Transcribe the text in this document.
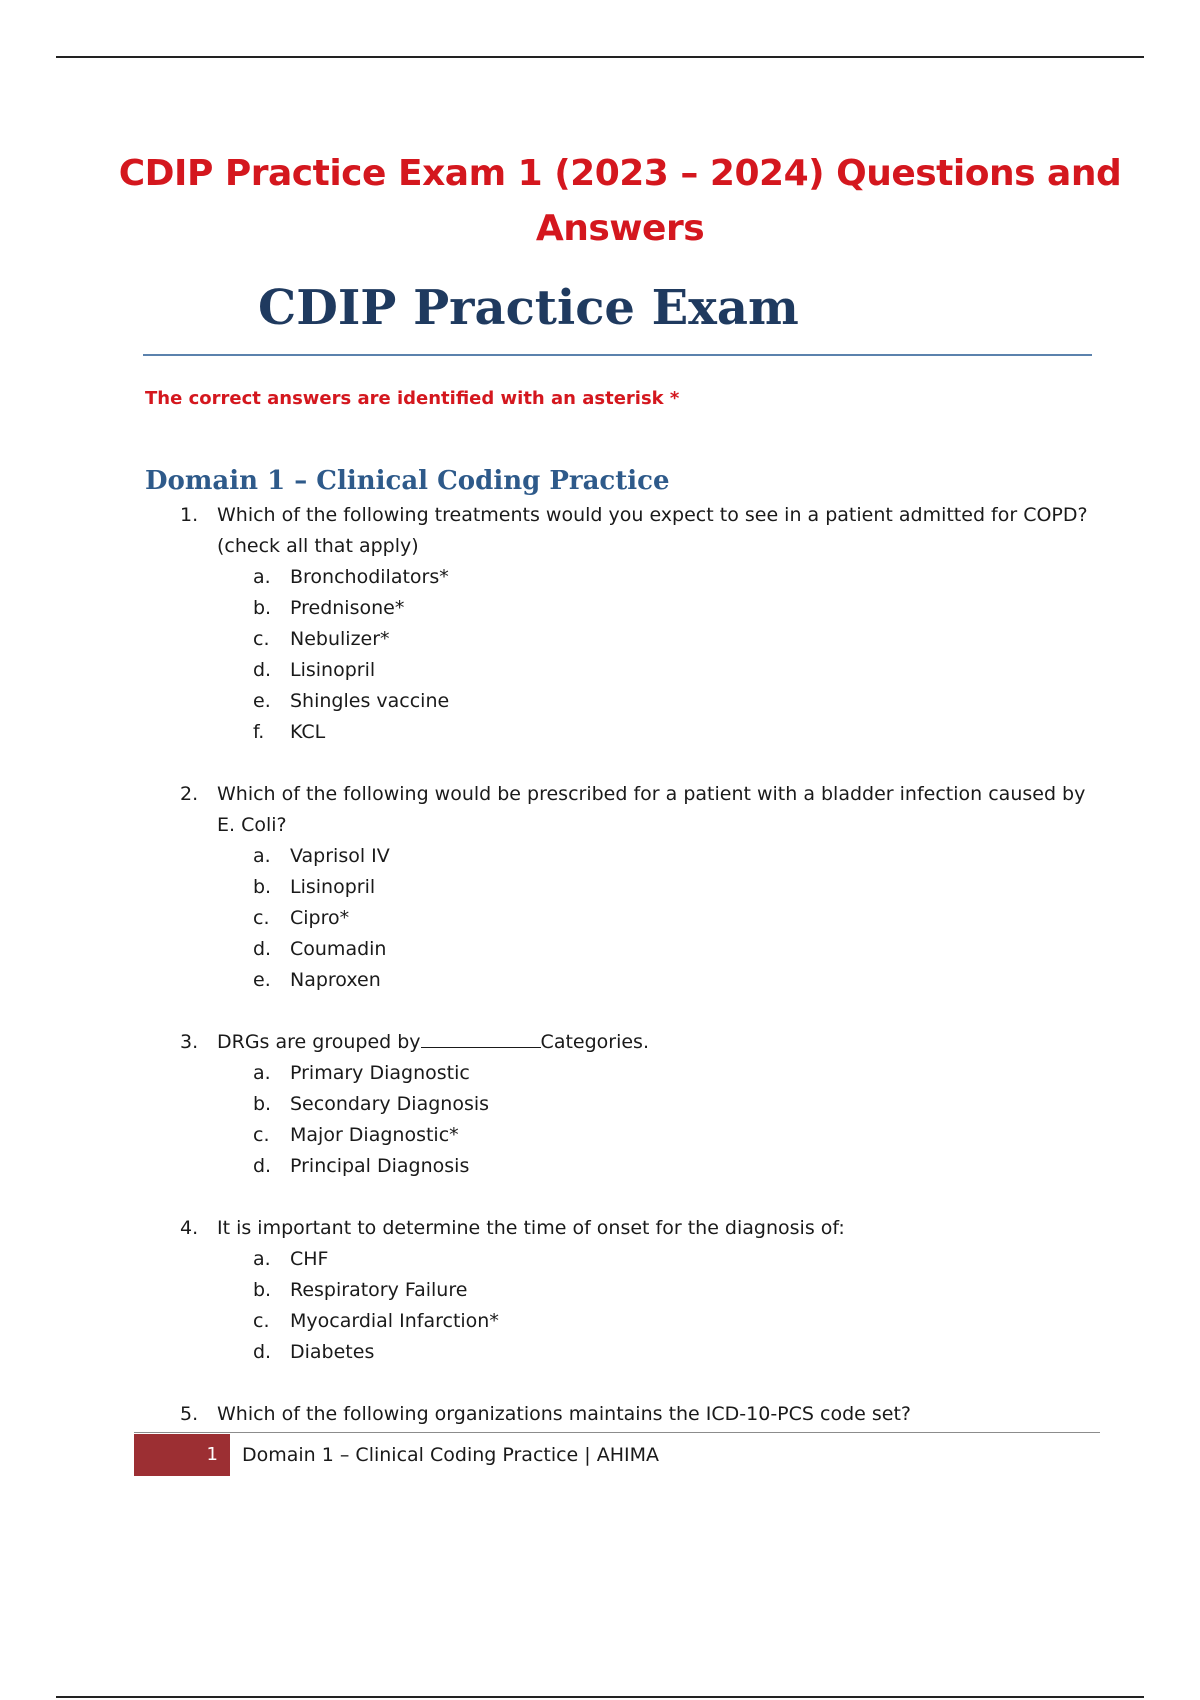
CDIP Practice Exam 1 (2023 – 2024) Questions and Answers
CDIP Practice Exam

The correct answers are identified with an asterisk *

Domain 1 – Clinical Coding Practice
1. Which of the following treatments would you expect to see in a patient admitted for COPD? (check all that apply)
a. Bronchodilators*
b. Prednisone*
c. Nebulizer*
d. Lisinopril
e. Shingles vaccine
f. KCL
2. Which of the following would be prescribed for a patient with a bladder infection caused by E. Coli?
a. Vaprisol IV
b. Lisinopril
c. Cipro*
d. Coumadin
e. Naproxen
3. DRGs are grouped by	Categories.
a. Primary Diagnostic
b. Secondary Diagnosis
c. Major Diagnostic*
d. Principal Diagnosis
4. It is important to determine the time of onset for the diagnosis of:
a. CHF
b. Respiratory Failure
c. Myocardial Infarction*
d. Diabetes
5. Which of the following organizations maintains the ICD-10-PCS code set?
1 Domain 1 – Clinical Coding Practice | AHIMA
